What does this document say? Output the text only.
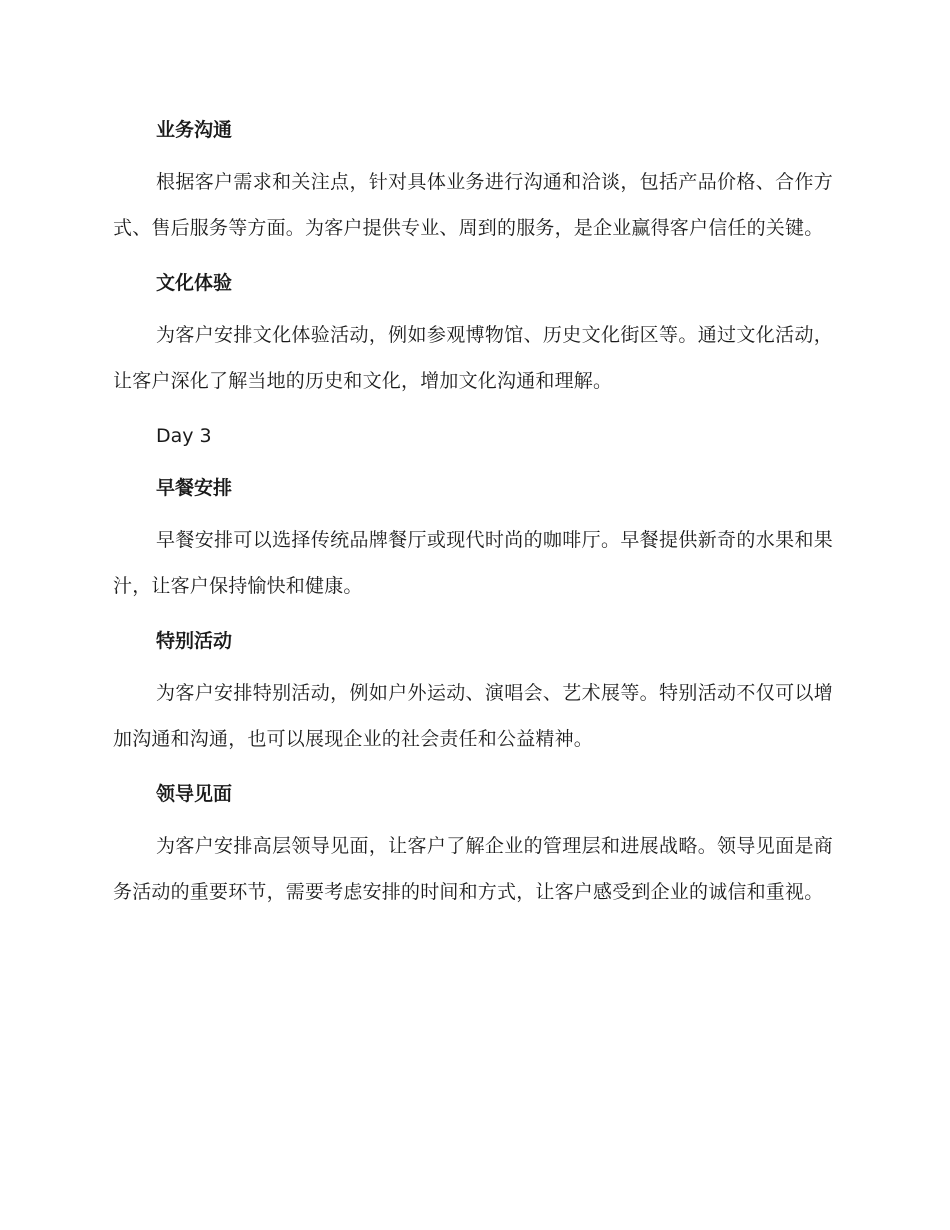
业务沟通

根据客户需求和关注点，针对具体业务进行沟通和洽谈，包括产品价格、合作方式、售后服务等方面。为客户提供专业、周到的服务，是企业赢得客户信任的关键。

文化体验

为客户安排文化体验活动，例如参观博物馆、历史文化街区等。通过文化活动，让客户深化了解当地的历史和文化，增加文化沟通和理解。

Day 3
早餐安排

早餐安排可以选择传统品牌餐厅或现代时尚的咖啡厅。早餐提供新奇的水果和果汁，让客户保持愉快和健康。

特别活动

为客户安排特别活动，例如户外运动、演唱会、艺术展等。特别活动不仅可以增加沟通和沟通，也可以展现企业的社会责任和公益精神。

领导见面

为客户安排高层领导见面，让客户了解企业的管理层和进展战略。领导见面是商务活动的重要环节，需要考虑安排的时间和方式，让客户感受到企业的诚信和重视。
